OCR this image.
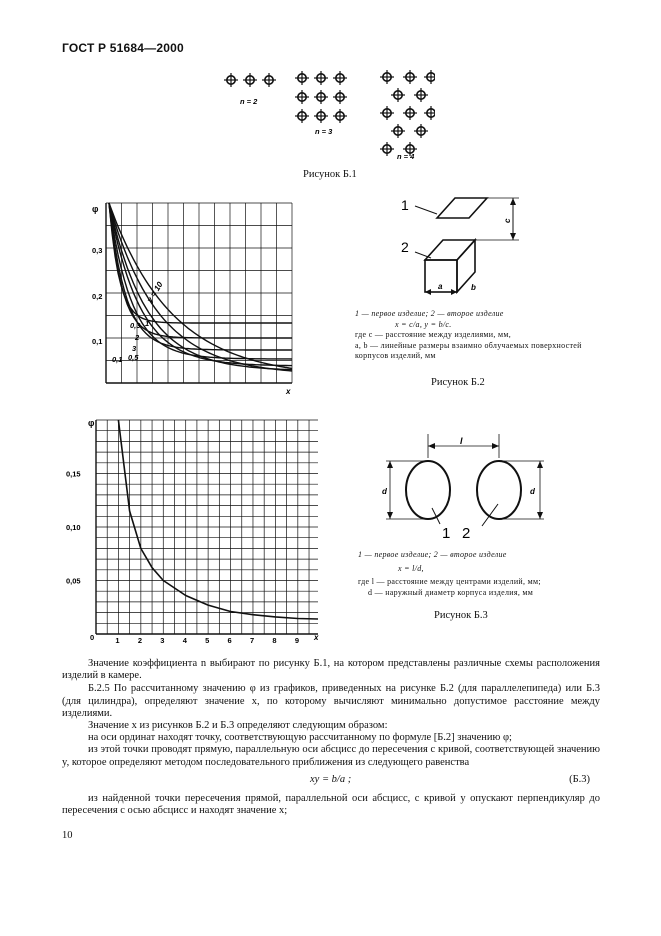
ГОСТ Р 51684—2000
n = 2
n = 3
n = 4
Рисунок Б.1
φ
x
0,3
0,2
0,1
y = 10
0,3 1
2
3
0,5
0,1
1
2
c
a	b
1 — первое изделие; 2 — второе изделие
x = c/a, y = b/c.
где c — расстояние между изделиями, мм,
a, b — линейные размеры взаимно облучаемых поверхностей корпусов изделий, мм
Рисунок Б.2
φ
1 2 3 4 5 6 7 8 9
0,15
0,10
0,05
0	x
l
d	d
1 2
1 — первое изделие; 2 — второе изделие
x = l/d,
где l — расстояние между центрами изделий, мм;
d — наружный диаметр корпуса изделия, мм
Рисунок Б.3
Значение коэффициента n выбирают по рисунку Б.1, на котором представлены различные схемы расположения изделий в камере.
Б.2.5 По рассчитанному значению φ из графиков, приведенных на рисунке Б.2 (для параллелепипеда) или Б.3 (для цилиндра), определяют значение x, по которому вычисляют минимально допустимое расстояние между изделиями.
Значение x из рисунков Б.2 и Б.3 определяют следующим образом:
на оси ординат находят точку, соответствующую рассчитанному по формуле [Б.2] значению φ;
из этой точки проводят прямую, параллельную оси абсцисс до пересечения с кривой, соответствующей значению y, которое определяют методом последовательного приближения из следующего равенства
xy = b/a ;	(Б.3)
из найденной точки пересечения прямой, параллельной оси абсцисс, с кривой y опускают перпендикуляр до пересечения с осью абсцисс и находят значение x;
10
